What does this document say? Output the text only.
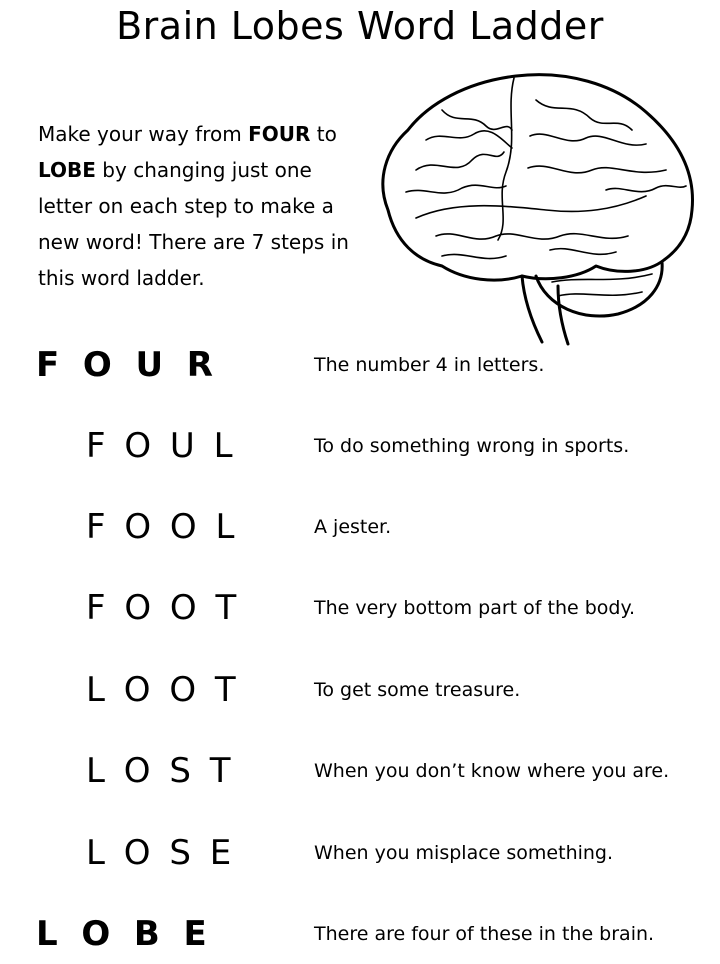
Brain Lobes Word Ladder
Make your way from FOUR to LOBE by changing just one letter on each step to make a new word! There are 7 steps in this word ladder.
F  O  U  R	The number 4 in letters.
F O U L	To do something wrong in sports.
F O O L	A jester.
F O O T	The very bottom part of the body.
L O O T	To get some treasure.
L O S T	When you don’t know where you are.
L O S E	When you misplace something.
L  O  B  E	There are four of these in the brain.
